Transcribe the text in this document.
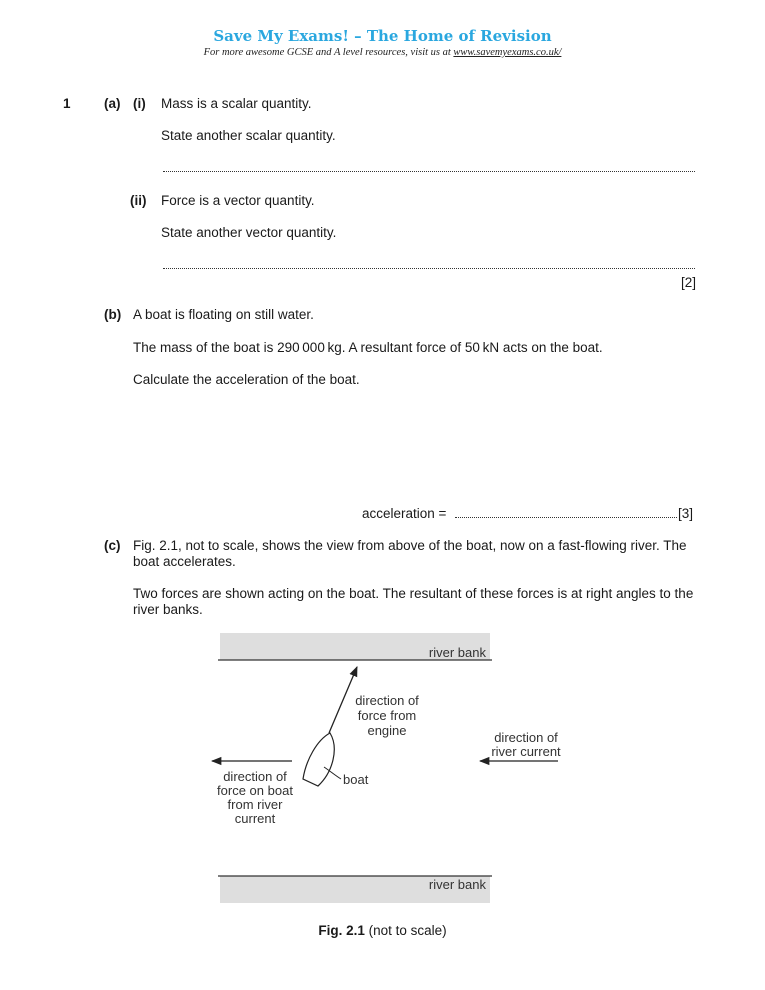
Save My Exams! – The Home of Revision
For more awesome GCSE and A level resources, visit us at www.savemyexams.co.uk/
1 (a) (i) Mass is a scalar quantity.
State another scalar quantity.
(ii) Force is a vector quantity.
State another vector quantity.
[2]
(b) A boat is floating on still water.
The mass of the boat is 290 000 kg. A resultant force of 50 kN acts on the boat.
Calculate the acceleration of the boat.
acceleration =	[3]
(c) Fig. 2.1, not to scale, shows the view from above of the boat, now on a fast-flowing river. The
boat accelerates.
Two forces are shown acting on the boat. The resultant of these forces is at right angles to the
river banks.
river bank
river bank
direction of
force from
engine	direction of
river current
boat
direction of
force on boat
from river
current
Fig. 2.1 (not to scale)
